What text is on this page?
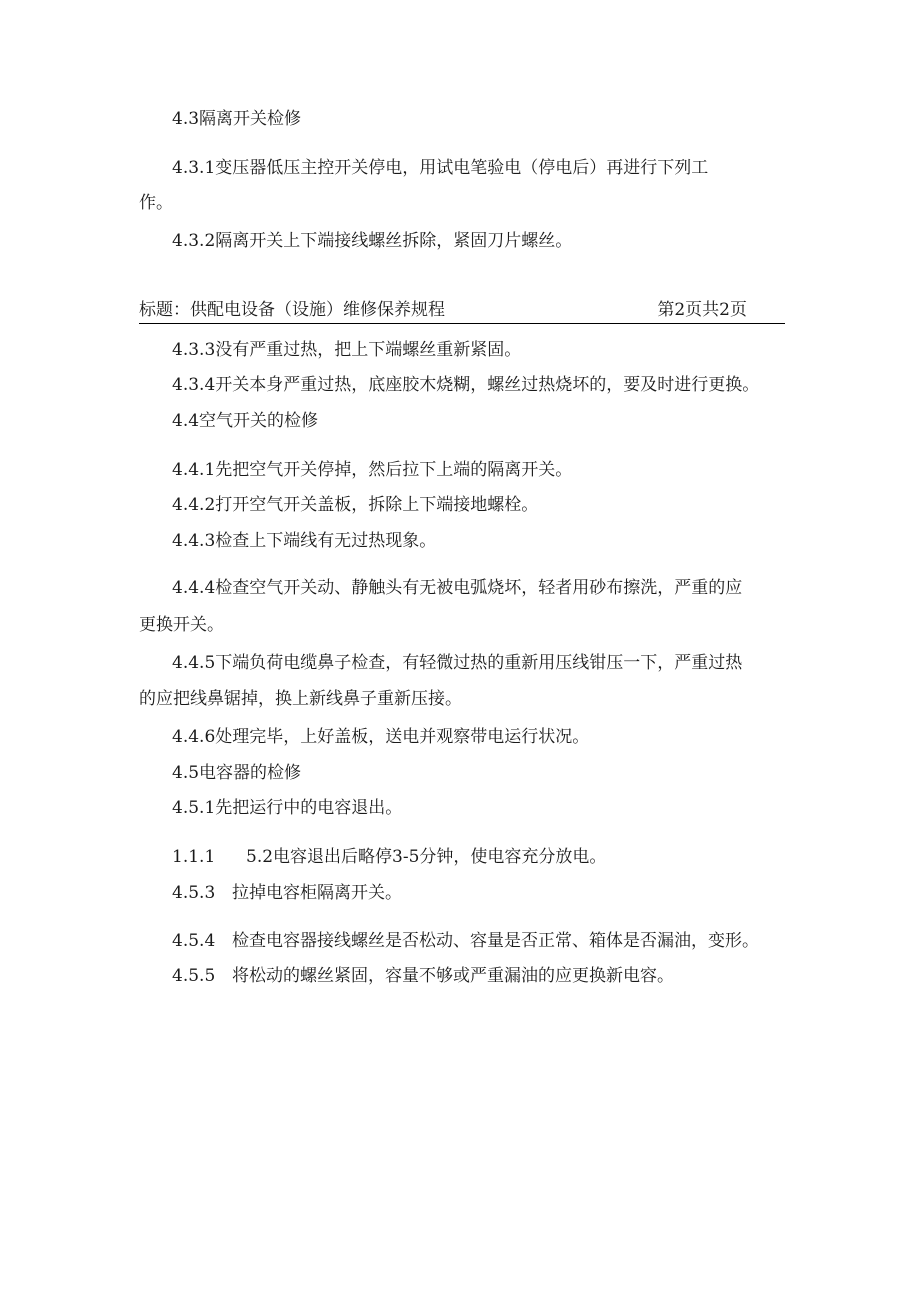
4.3隔离开关检修
4.3.1变压器低压主控开关停电，用试电笔验电（停电后）再进行下列工
作。
4.3.2隔离开关上下端接线螺丝拆除，紧固刀片螺丝。
标题：供配电设备（设施）维修保养规程	第2页共2页
4.3.3没有严重过热，把上下端螺丝重新紧固。
4.3.4开关本身严重过热，底座胶木烧糊，螺丝过热烧坏的，要及时进行更换。
4.4空气开关的检修
4.4.1先把空气开关停掉，然后拉下上端的隔离开关。
4.4.2打开空气开关盖板，拆除上下端接地螺栓。
4.4.3检查上下端线有无过热现象。
4.4.4检查空气开关动、静触头有无被电弧烧坏，轻者用砂布擦洗，严重的应
更换开关。
4.4.5下端负荷电缆鼻子检查，有轻微过热的重新用压线钳压一下，严重过热
的应把线鼻锯掉，换上新线鼻子重新压接。
4.4.6处理完毕，上好盖板，送电并观察带电运行状况。
4.5电容器的检修
4.5.1先把运行中的电容退出。
1.1.1 5.2电容退出后略停3-5分钟，使电容充分放电。
4.5.3 拉掉电容柜隔离开关。
4.5.4 检查电容器接线螺丝是否松动、容量是否正常、箱体是否漏油，变形。
4.5.5 将松动的螺丝紧固，容量不够或严重漏油的应更换新电容。
